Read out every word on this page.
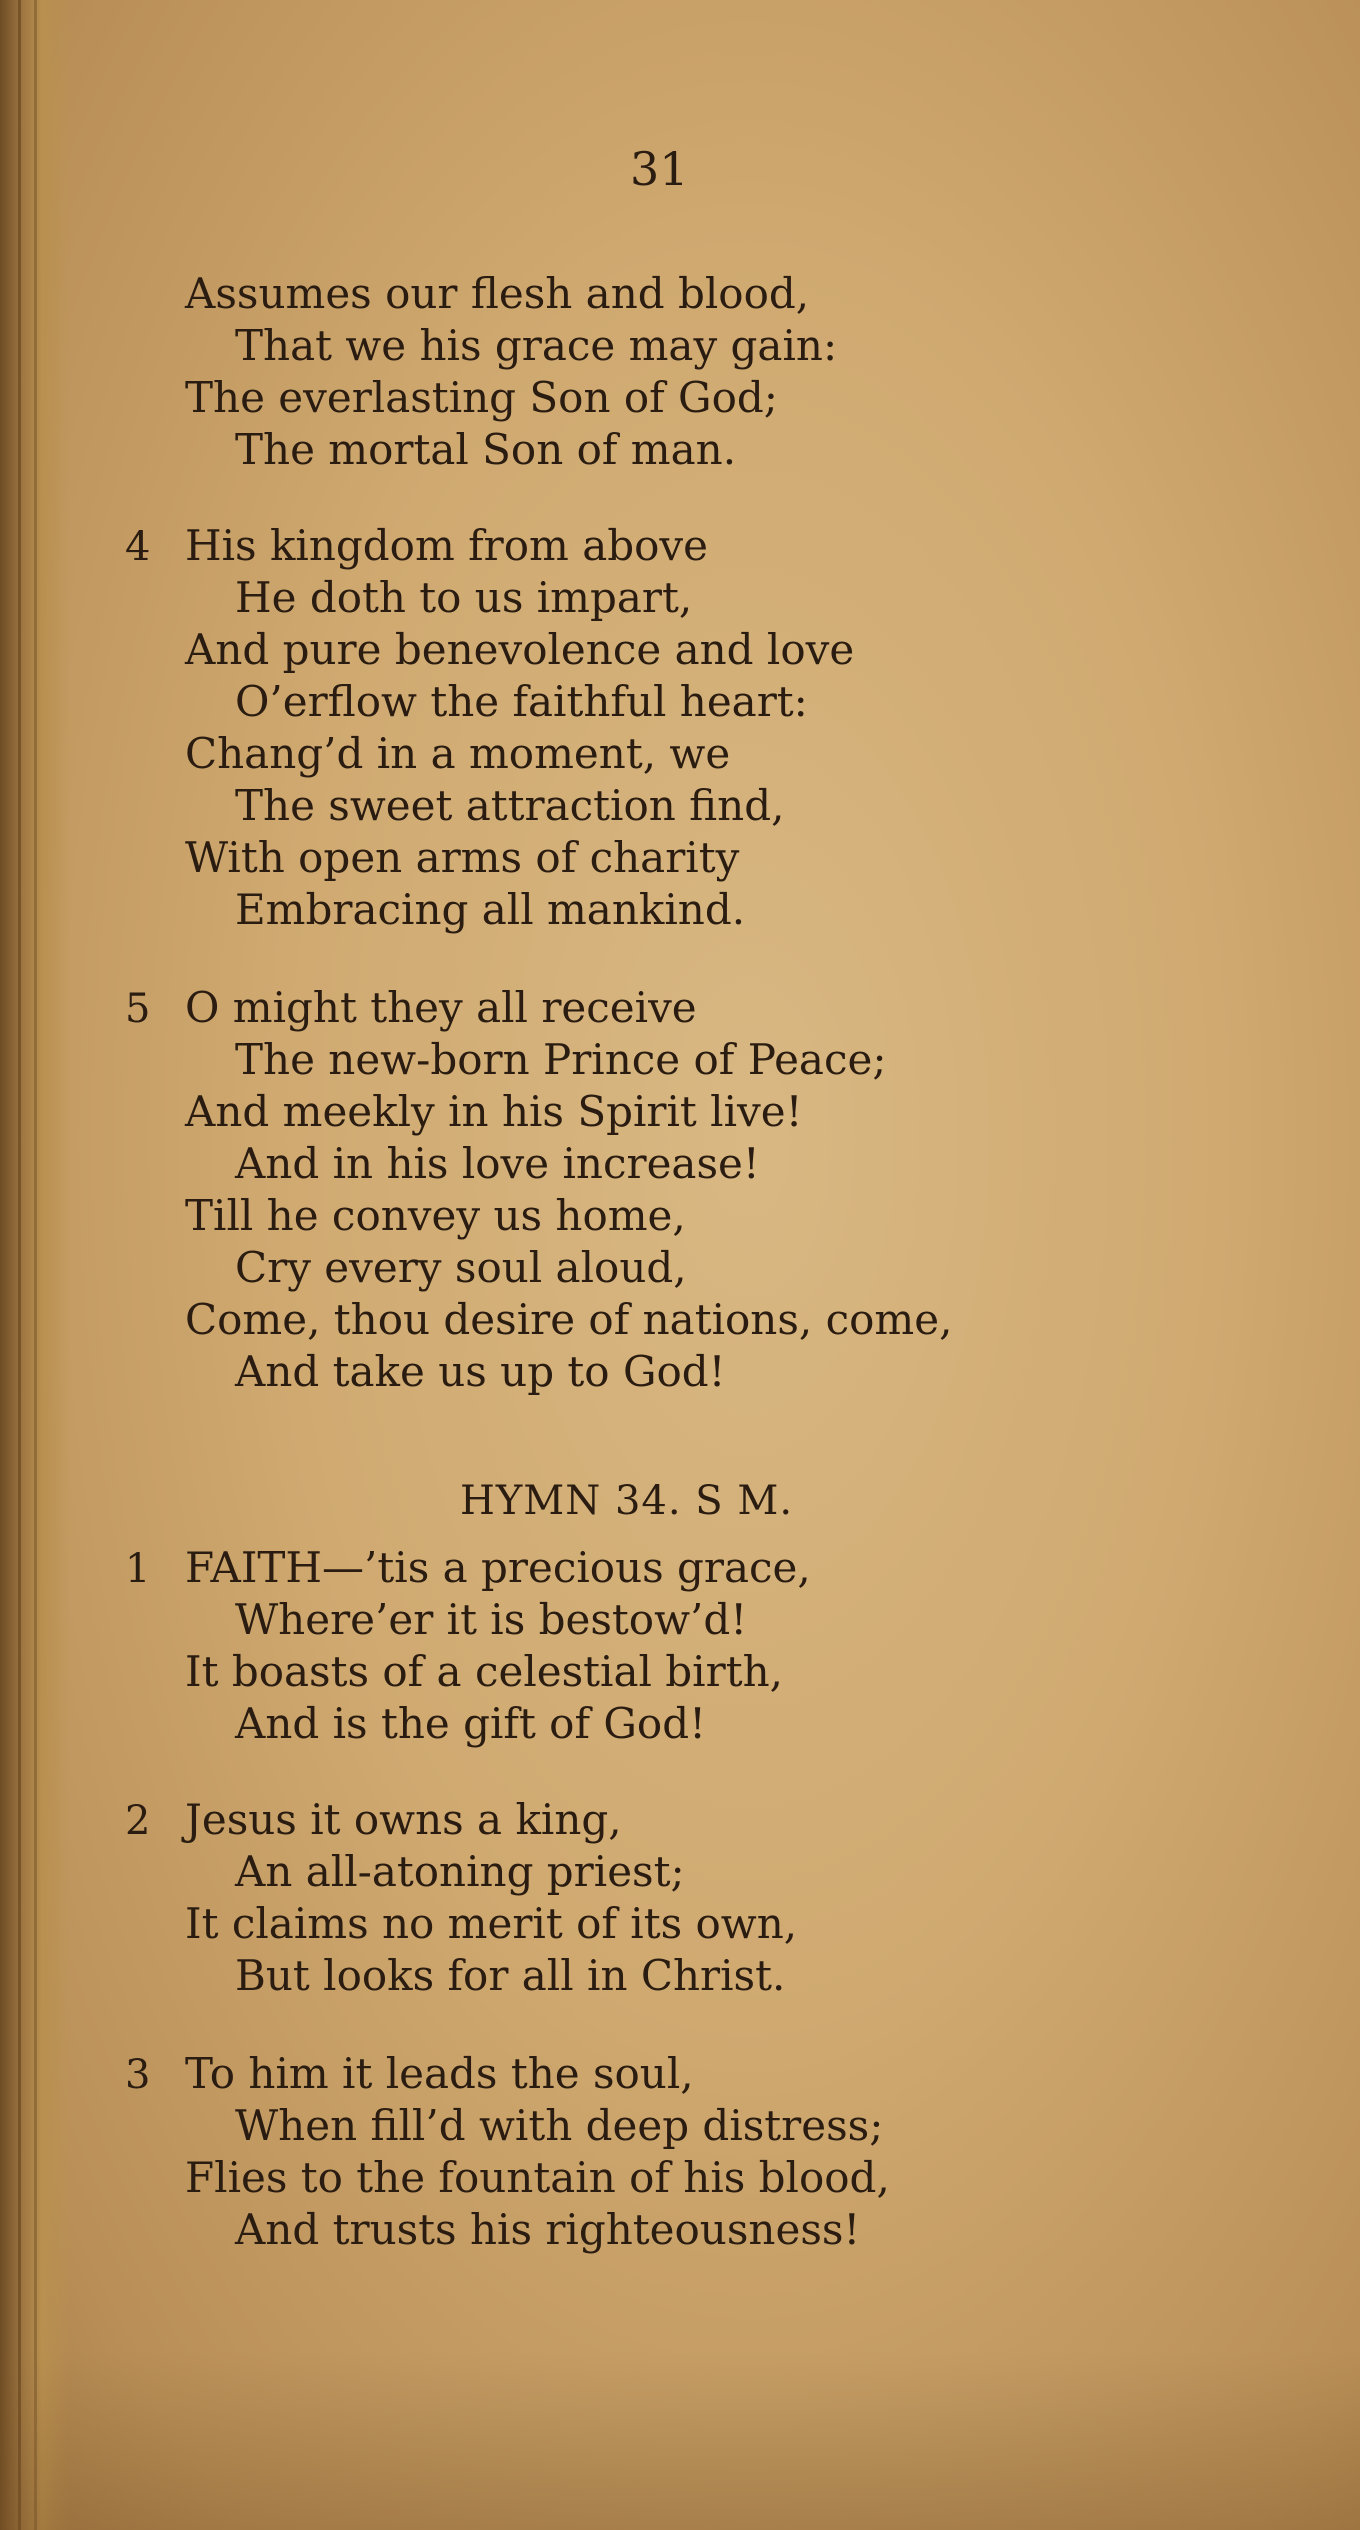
31
Assumes our flesh and blood,
That we his grace may gain:
The everlasting Son of God;
The mortal Son of man.
4 His kingdom from above
He doth to us impart,
And pure benevolence and love
O’erflow the faithful heart:
Chang’d in a moment, we
The sweet attraction find,
With open arms of charity
Embracing all mankind.
5 O might they all receive
The new-born Prince of Peace;
And meekly in his Spirit live!
And in his love increase!
Till he convey us home,
Cry every soul aloud,
Come, thou desire of nations, come,
And take us up to God!
HYMN 34. S M.
1 FAITH—’tis a precious grace,
Where’er it is bestow’d!
It boasts of a celestial birth,
And is the gift of God!
2 Jesus it owns a king,
An all-atoning priest;
It claims no merit of its own,
But looks for all in Christ.
3 To him it leads the soul,
When fill’d with deep distress;
Flies to the fountain of his blood,
And trusts his righteousness!
